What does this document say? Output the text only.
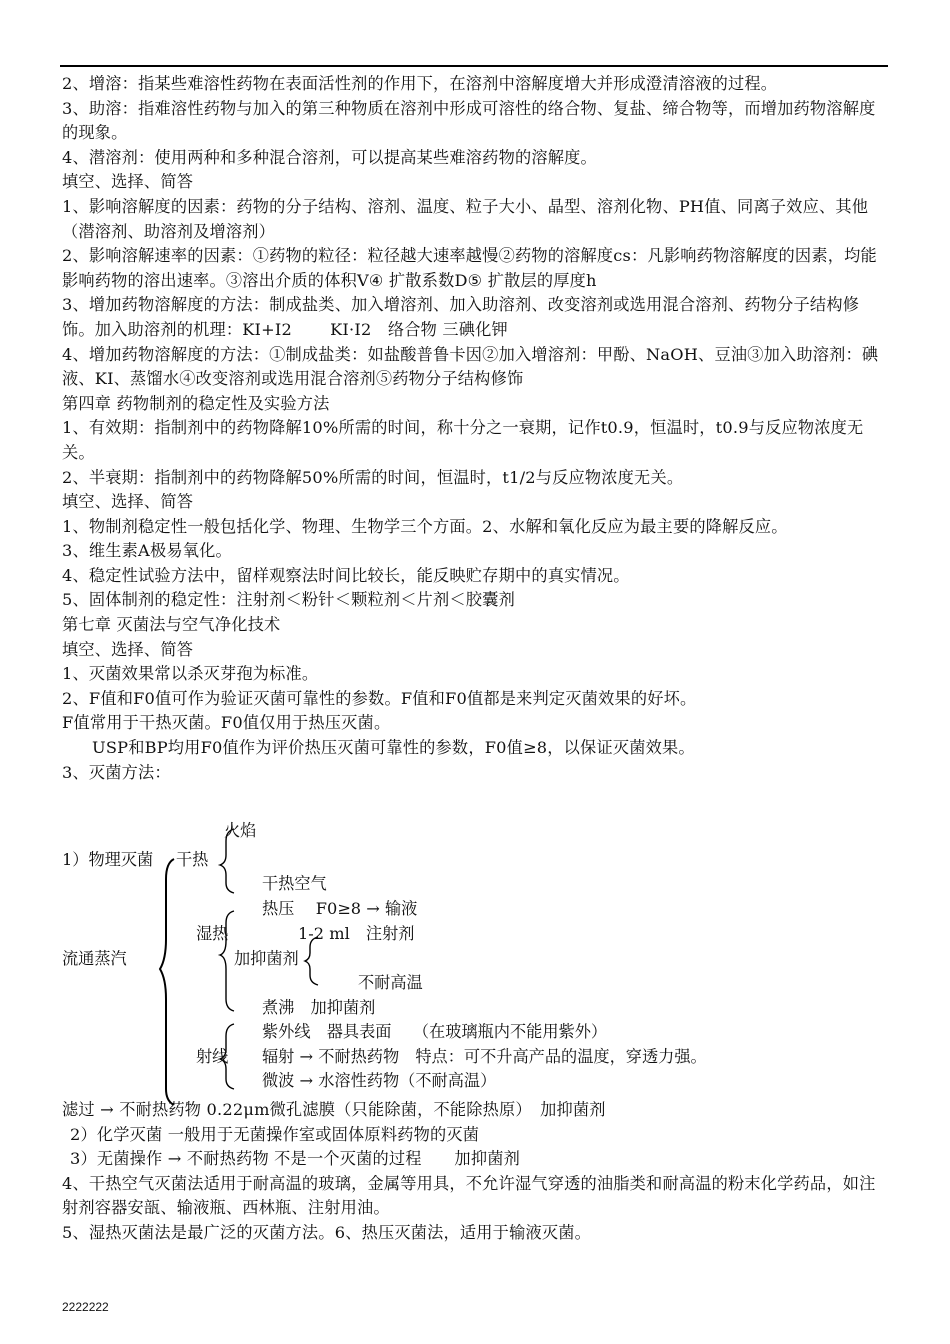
2、增溶：指某些难溶性药物在表面活性剂的作用下，在溶剂中溶解度增大并形成澄清溶液的过程。

3、助溶：指难溶性药物与加入的第三种物质在溶剂中形成可溶性的络合物、复盐、缔合物等，而增加药物溶解度的现象。

4、潜溶剂：使用两种和多种混合溶剂，可以提高某些难溶药物的溶解度。

填空、选择、简答

1、影响溶解度的因素：药物的分子结构、溶剂、温度、粒子大小、晶型、溶剂化物、PH值、同离子效应、其他（潜溶剂、助溶剂及增溶剂）

2、影响溶解速率的因素：①药物的粒径：粒径越大速率越慢②药物的溶解度cs：凡影响药物溶解度的因素，均能影响药物的溶出速率。③溶出介质的体积V④ 扩散系数D⑤ 扩散层的厚度h

3、增加药物溶解度的方法：制成盐类、加入增溶剂、加入助溶剂、改变溶剂或选用混合溶剂、药物分子结构修饰。加入助溶剂的机理：KI+I2　　 KI·I2　络合物 三碘化钾

4、增加药物溶解度的方法：①制成盐类：如盐酸普鲁卡因②加入增溶剂：甲酚、NaOH、豆油③加入助溶剂：碘液、KI、蒸馏水④改变溶剂或选用混合溶剂⑤药物分子结构修饰

第四章 药物制剂的稳定性及实验方法

1、有效期：指制剂中的药物降解10%所需的时间，称十分之一衰期，记作t0.9，恒温时，t0.9与反应物浓度无关。

2、半衰期：指制剂中的药物降解50%所需的时间，恒温时，t1/2与反应物浓度无关。

填空、选择、简答

1、物制剂稳定性一般包括化学、物理、生物学三个方面。2、水解和氧化反应为最主要的降解反应。

3、维生素A极易氧化。

4、稳定性试验方法中，留样观察法时间比较长，能反映贮存期中的真实情况。

5、固体制剂的稳定性：注射剂＜粉针＜颗粒剂＜片剂＜胶囊剂

第七章 灭菌法与空气净化技术

填空、选择、简答

1、灭菌效果常以杀灭芽孢为标准。

2、F值和F0值可作为验证灭菌可靠性的参数。F值和F0值都是来判定灭菌效果的好坏。

F值常用于干热灭菌。F0值仅用于热压灭菌。

USP和BP均用F0值作为评价热压灭菌可靠性的参数，F0值≥8，以保证灭菌效果。

3、灭菌方法：

火焰
1）物理灭菌 干热
干热空气
热压　 F0≥8 → 输液
湿热	1-2 ml　注射剂
流通蒸汽	加抑菌剂
不耐高温
煮沸　加抑菌剂
紫外线　器具表面　 （在玻璃瓶内不能用紫外）
射线 辐射 → 不耐热药物　特点：可不升高产品的温度，穿透力强。
微波 → 水溶性药物（不耐高温）

滤过 → 不耐热药物 0.22μm微孔滤膜（只能除菌，不能除热原）　加抑菌剂

2）化学灭菌 一般用于无菌操作室或固体原料药物的灭菌

3）无菌操作 → 不耐热药物 不是一个灭菌的过程　　加抑菌剂

4、干热空气灭菌法适用于耐高温的玻璃，金属等用具，不允许湿气穿透的油脂类和耐高温的粉末化学药品，如注射剂容器安瓿、输液瓶、西林瓶、注射用油。

5、湿热灭菌法是最广泛的灭菌方法。6、热压灭菌法，适用于输液灭菌。

2222222
